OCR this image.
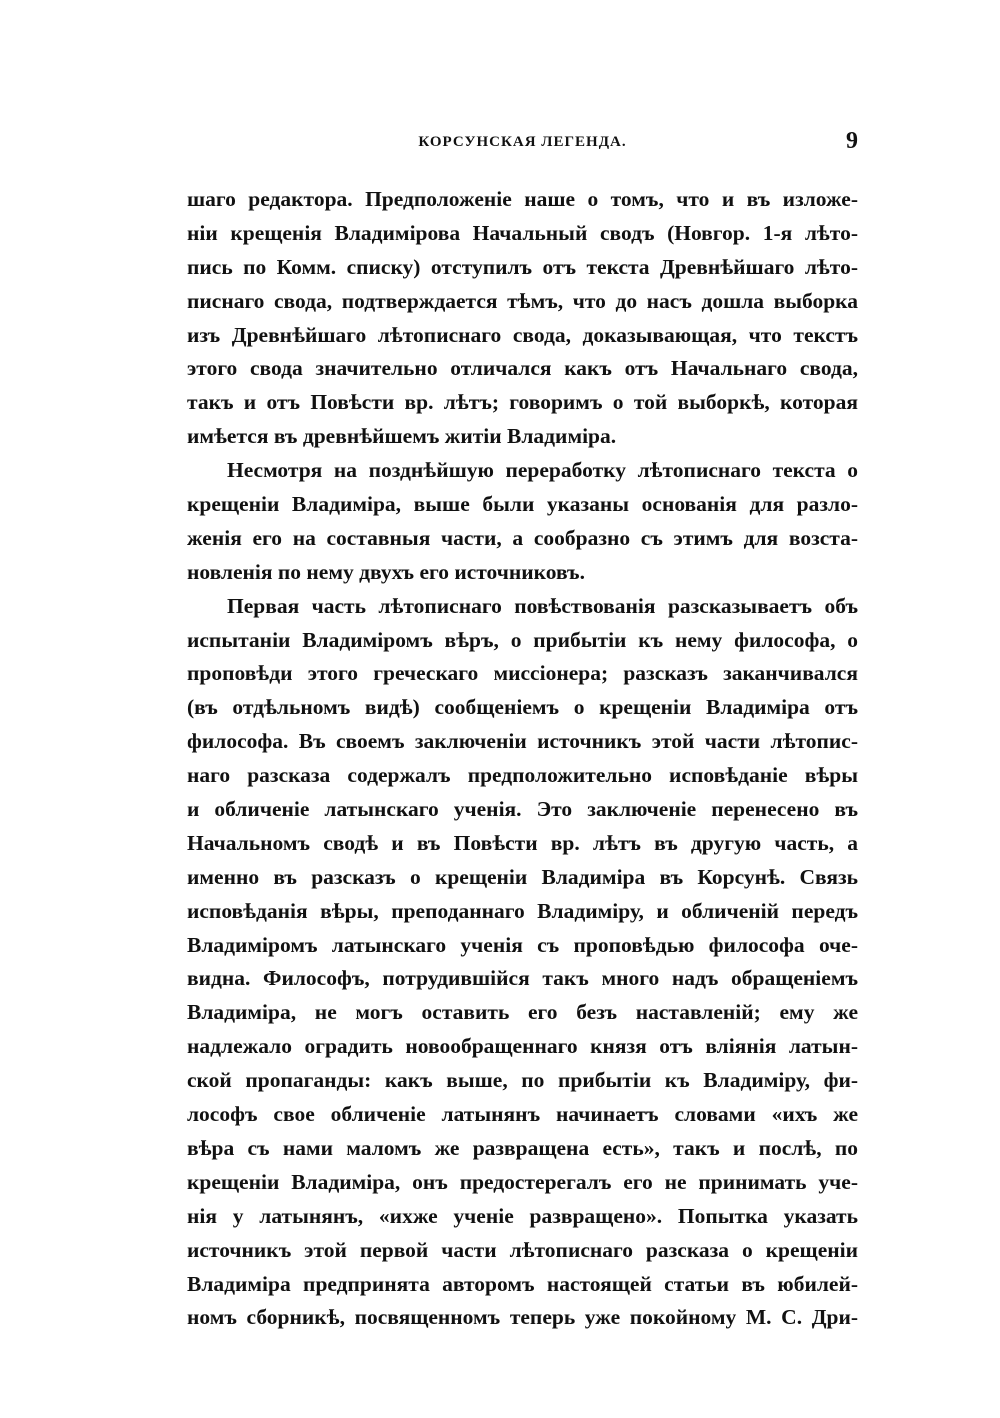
КОРСУНСКАЯ ЛЕГЕНДА.	9
шаго редактора. Предположеніе наше о томъ, что и въ изложе-
ніи крещенія Владимірова Начальный сводъ (Новгор. 1-я лѣто-
пись по Комм. списку) отступилъ отъ текста Древнѣйшаго лѣто-
писнаго свода, подтверждается тѣмъ, что до насъ дошла выборка
изъ Древнѣйшаго лѣтописнаго свода, доказывающая, что текстъ
этого свода значительно отличался какъ отъ Начальнаго свода,
такъ и отъ Повѣсти вр. лѣтъ; говоримъ о той выборкѣ, которая
имѣется въ древнѣйшемъ житіи Владиміра.
Несмотря на позднѣйшую переработку лѣтописнаго текста о
крещеніи Владиміра, выше были указаны основанія для разло-
женія его на составныя части, а сообразно съ этимъ для возста-
новленія по нему двухъ его источниковъ.
Первая часть лѣтописнаго повѣствованія разсказываетъ объ
испытаніи Владиміромъ вѣръ, о прибытіи къ нему философа, о
проповѣди этого греческаго миссіонера; разсказъ заканчивался
(въ отдѣльномъ видѣ) сообщеніемъ о крещеніи Владиміра отъ
философа. Въ своемъ заключеніи источникъ этой части лѣтопис-
наго разсказа содержалъ предположительно исповѣданіе вѣры
и обличеніе латынскаго ученія. Это заключеніе перенесено въ
Начальномъ сводѣ и въ Повѣсти вр. лѣтъ въ другую часть, а
именно въ разсказъ о крещеніи Владиміра въ Корсунѣ. Связь
исповѣданія вѣры, преподаннаго Владиміру, и обличеній передъ
Владиміромъ латынскаго ученія съ проповѣдью философа оче-
видна. Философъ, потрудившійся такъ много надъ обращеніемъ
Владиміра, не могъ оставить его безъ наставленій; ему же
надлежало оградить новообращеннаго князя отъ вліянія латын-
ской пропаганды: какъ выше, по прибытіи къ Владиміру, фи-
лософъ свое обличеніе латынянъ начинаетъ словами «ихъ же
вѣра съ нами маломъ же развращена есть», такъ и послѣ, по
крещеніи Владиміра, онъ предостерегалъ его не принимать уче-
нія у латынянъ, «ихже ученіе развращено». Попытка указать
источникъ этой первой части лѣтописнаго разсказа о крещеніи
Владиміра предпринята авторомъ настоящей статьи въ юбилей-
номъ сборникѣ, посвященномъ теперь уже покойному М. С. Дри-
